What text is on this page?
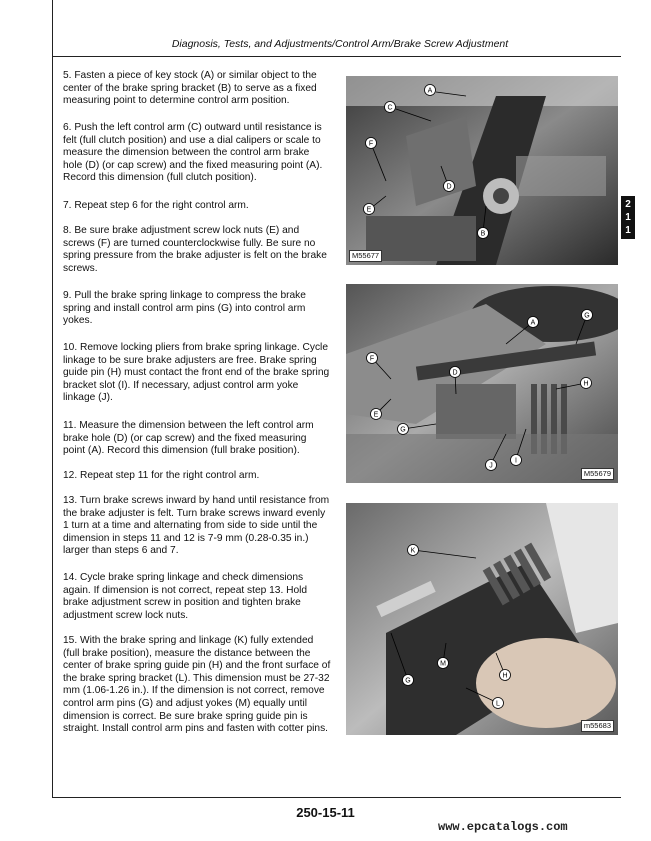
Diagnosis, Tests, and Adjustments/Control Arm/Brake Screw Adjustment

5. Fasten a piece of key stock (A) or similar object to the center of the brake spring bracket (B) to serve as a fixed measuring point to determine control arm position.

6. Push the left control arm (C) outward until resistance is felt (full clutch position) and use a dial calipers or scale to measure the dimension between the control arm brake hole (D) (or cap screw) and the fixed measuring point (A). Record this dimension (full clutch position).

7. Repeat step 6 for the right control arm.

8. Be sure brake adjustment screw lock nuts (E) and screws (F) are turned counterclockwise fully. Be sure no spring pressure from the brake adjuster is felt on the brake screws.

9. Pull the brake spring linkage to compress the brake spring and install control arm pins (G) into control arm yokes.

10. Remove locking pliers from brake spring linkage. Cycle linkage to be sure brake adjusters are free. Brake spring guide pin (H) must contact the front end of the brake spring bracket slot (I). If necessary, adjust control arm yoke linkage (J).

11. Measure the dimension between the left control arm brake hole (D) (or cap screw) and the fixed measuring point (A). Record this dimension (full brake position).

12. Repeat step 11 for the right control arm.

13. Turn brake screws inward by hand until resistance from the brake adjuster is felt. Turn brake screws inward evenly 1 turn at a time and alternating from side to side until the dimension in steps 11 and 12 is 7-9 mm (0.28-0.35 in.) larger than steps 6 and 7.

14. Cycle brake spring linkage and check dimensions again. If dimension is not correct, repeat step 13. Hold brake adjustment screw in position and tighten brake adjustment screw lock nuts.

15. With the brake spring and linkage (K) fully extended (full brake position), measure the distance between the center of brake spring guide pin (H) and the front surface of the brake spring bracket (L). This dimension must be 27-32 mm (1.06-1.26 in.). If the dimension is not correct, remove control arm pins (G) and adjust yokes (M) equally until dimension is correct. Be sure brake spring guide pin is straight. Install control arm pins and fasten with cotter pins.

A
C
F
D
E
B
M55677
A
G
F
D
H
E
G
J
I
M55679
K
M
G
H
L
m55683
2
1
1
250-15-11
www.epcatalogs.com
